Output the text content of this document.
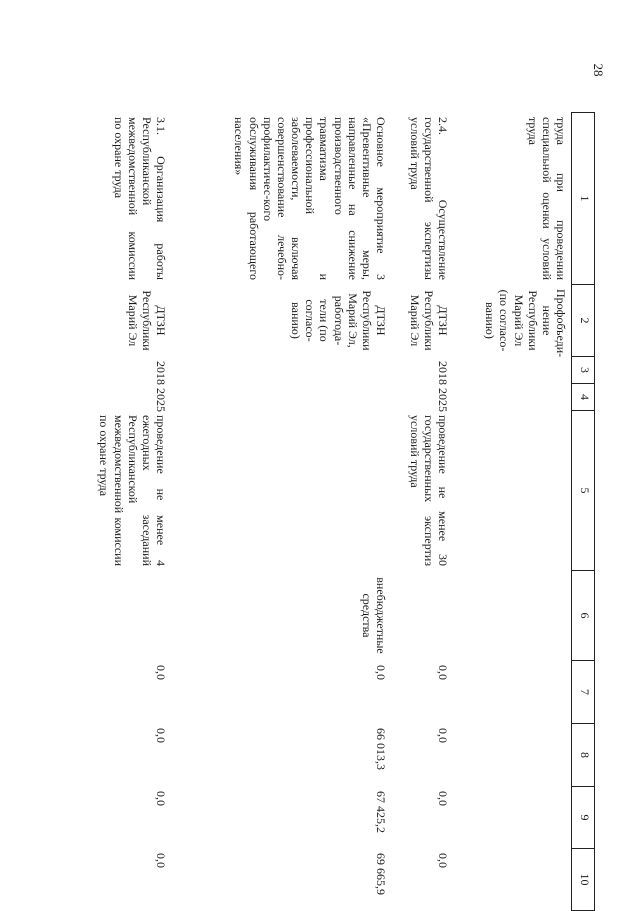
28
1	2	3	4	5	6	7	8	9	10
труда при проведении специальной оценки условий труда	Профобъеди-нение Республики Марий Эл (по согласо-ванию)								
2.4. Осуществление государственной экспертизы условий труда	ДТЗН Республики Марий Эл	2018	2025	проведение не менее 30 государственных экспертиз условий труда		0,0	0,0	0,0	0,0
Основное мероприятие 3 «Превентивные меры, направленные на снижение производственного травматизма и профессиональной заболеваемости, включая совершенствование лечебно-профилактичес-кого обслуживания работающего населения»	ДТЗН Республики Марий Эл, работода-тели (по согласо-ванию)				внебюджетные средства	0,0	66 013,3	67 425,2	69 665,9
3.1. Организация работы Республиканской межведомственной комиссии по охране труда	ДТЗН Республики Марий Эл	2018	2025	проведение не менее 4 ежегодных заседаний Республиканской межведомственной комиссии по охране труда		0,0	0,0	0,0	0,0
